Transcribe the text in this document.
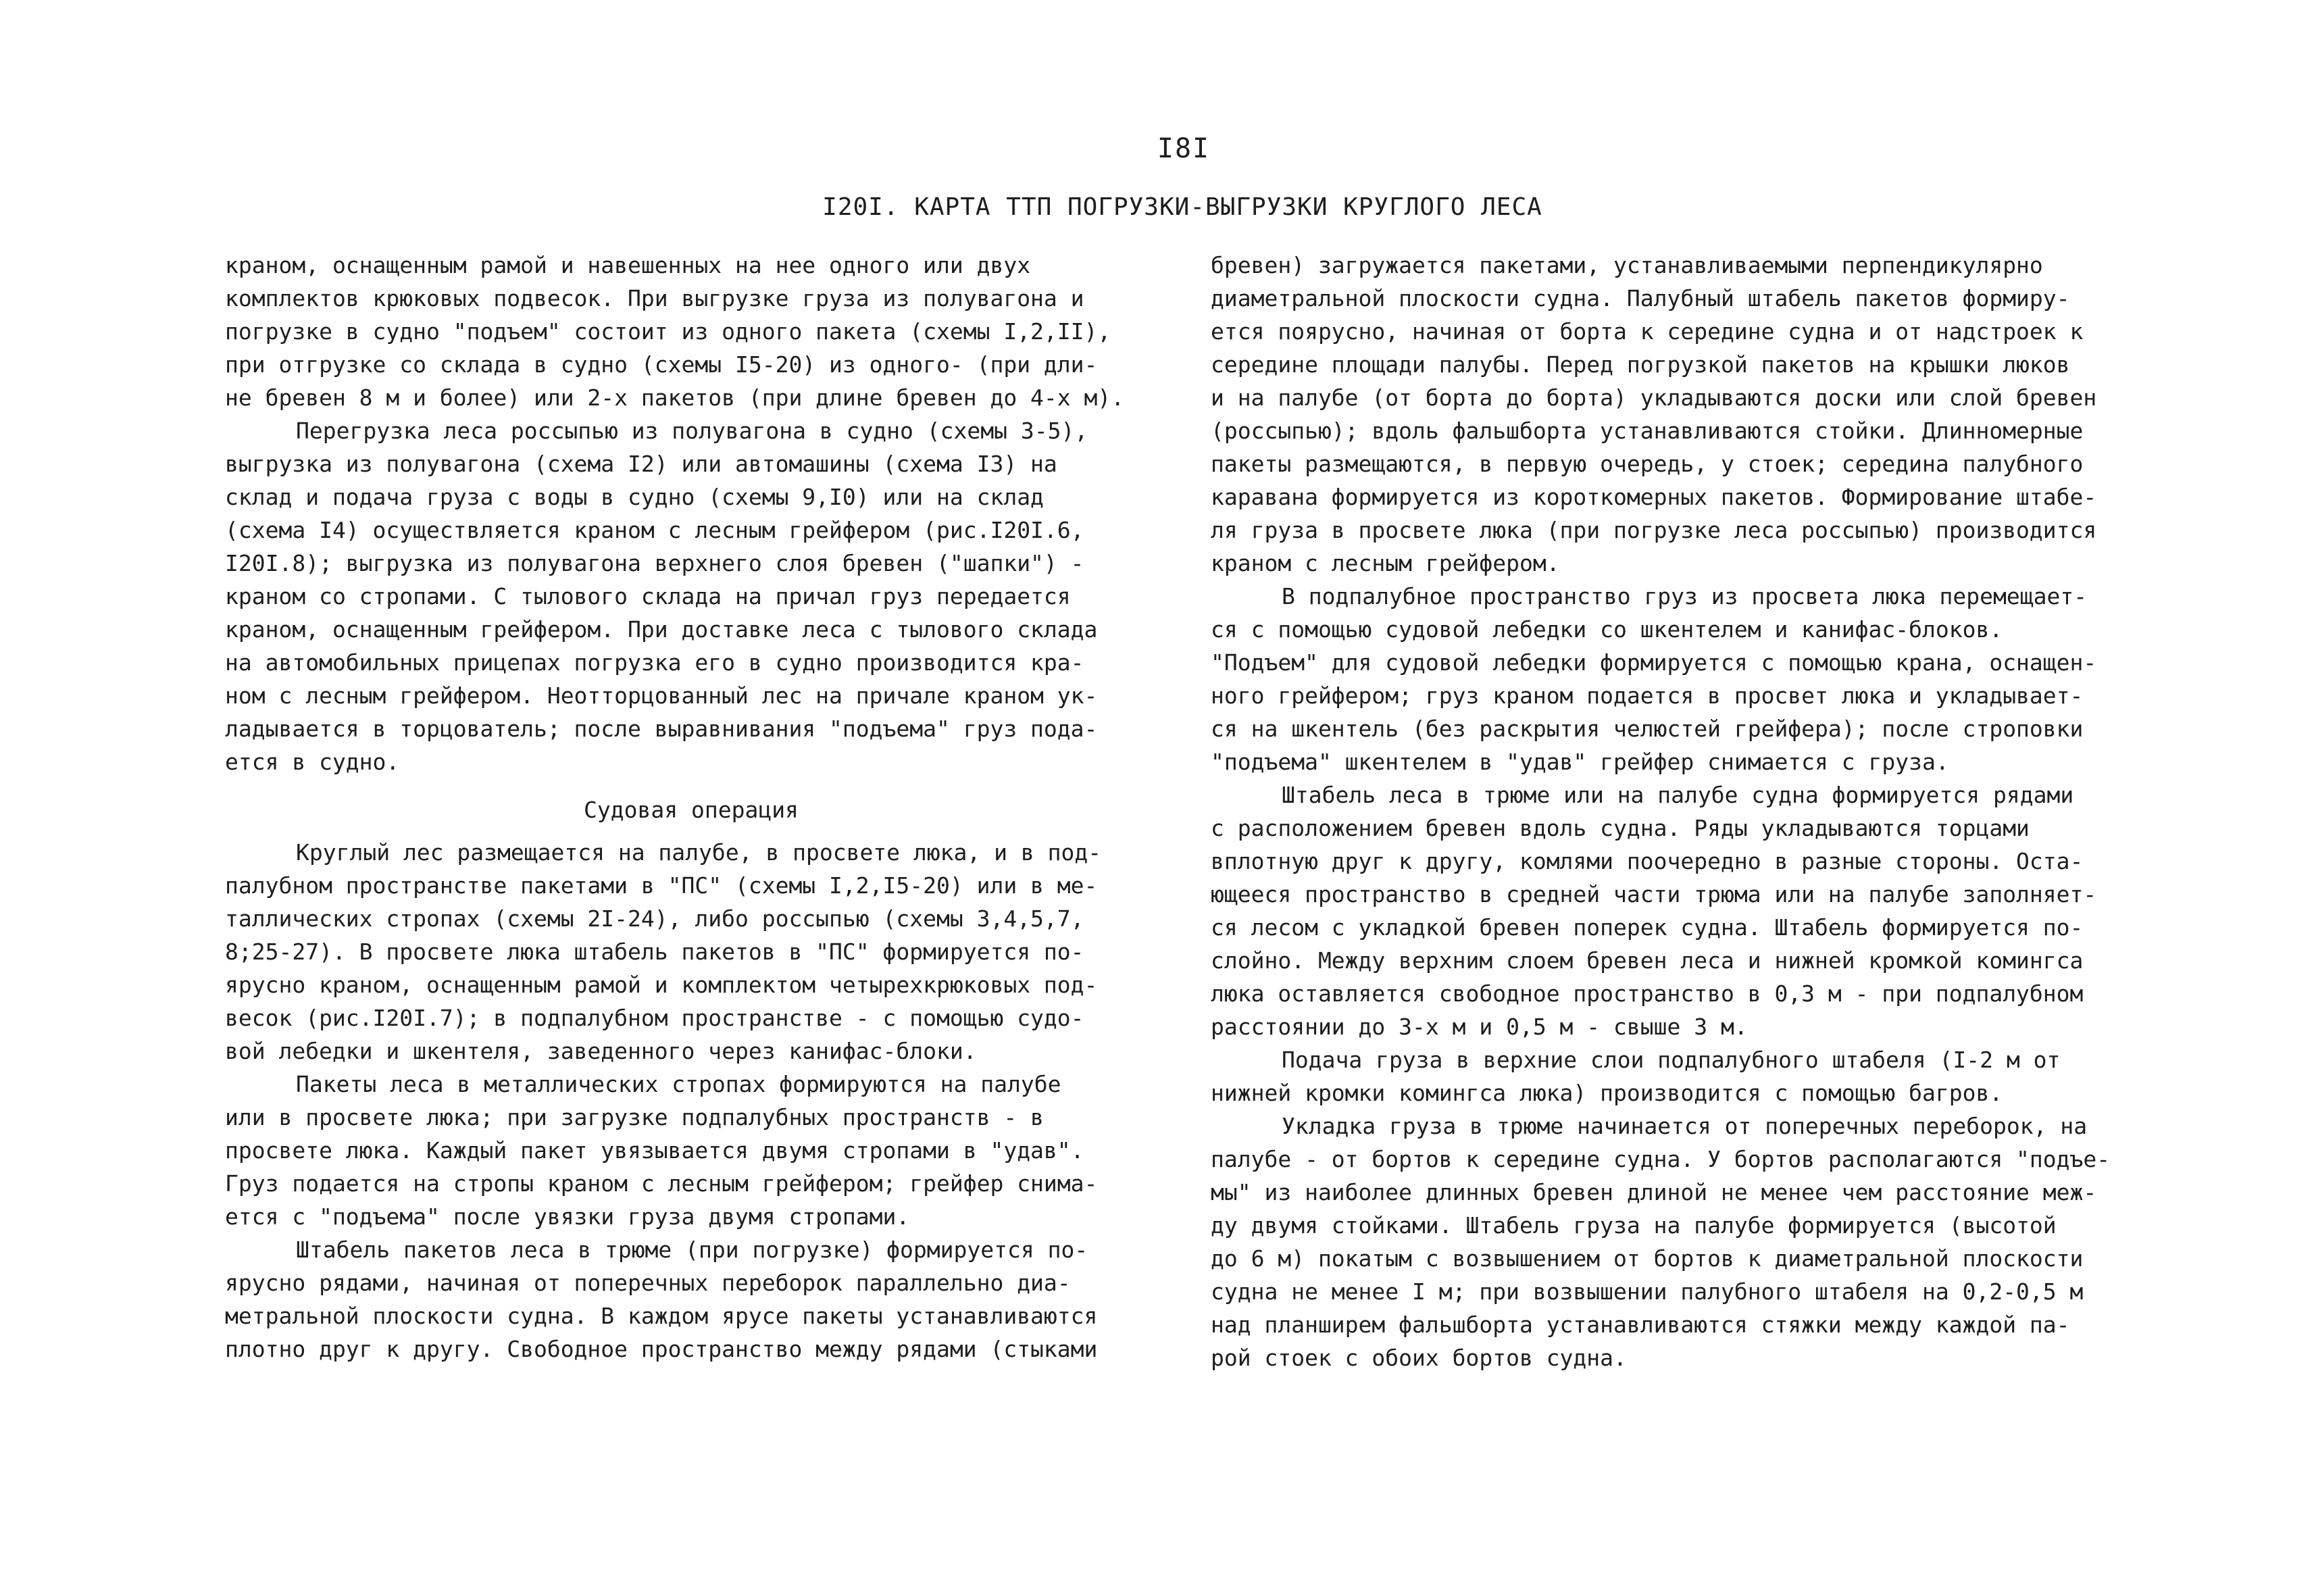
I8I
I20I. КАРТА ТТП ПОГРУЗКИ-ВЫГРУЗКИ КРУГЛОГО ЛЕСА
краном, оснащенным рамой и навешенных на нее одного или двух
комплектов крюковых подвесок. При выгрузке груза из полувагона и
погрузке в судно "подъем" состоит из одного пакета (схемы I,2,II),
при отгрузке со склада в судно (схемы I5-20) из одного- (при дли-
не бревен 8 м и более) или 2-х пакетов (при длине бревен до 4-х м).
Перегрузка леса россыпью из полувагона в судно (схемы 3-5),
выгрузка из полувагона (схема I2) или автомашины (схема I3) на
склад и подача груза с воды в судно (схемы 9,I0) или на склад
(схема I4) осуществляется краном с лесным грейфером (рис.I20I.6,
I20I.8); выгрузка из полувагона верхнего слоя бревен ("шапки") -
краном со стропами. С тылового склада на причал груз передается
краном, оснащенным грейфером. При доставке леса с тылового склада
на автомобильных прицепах погрузка его в судно производится кра-
ном с лесным грейфером. Неотторцованный лес на причале краном ук-
ладывается в торцователь; после выравнивания "подъема" груз пода-
ется в судно.
Судовая операция
Круглый лес размещается на палубе, в просвете люка, и в под-
палубном пространстве пакетами в "ПС" (схемы I,2,I5-20) или в ме-
таллических стропах (схемы 2I-24), либо россыпью (схемы 3,4,5,7,
8;25-27). В просвете люка штабель пакетов в "ПС" формируется по-
ярусно краном, оснащенным рамой и комплектом четырехкрюковых под-
весок (рис.I20I.7); в подпалубном пространстве - с помощью судо-
вой лебедки и шкентеля, заведенного через канифас-блоки.
Пакеты леса в металлических стропах формируются на палубе
или в просвете люка; при загрузке подпалубных пространств - в
просвете люка. Каждый пакет увязывается двумя стропами в "удав".
Груз подается на стропы краном с лесным грейфером; грейфер снима-
ется с "подъема" после увязки груза двумя стропами.
Штабель пакетов леса в трюме (при погрузке) формируется по-
ярусно рядами, начиная от поперечных переборок параллельно диа-
метральной плоскости судна. В каждом ярусе пакеты устанавливаются
плотно друг к другу. Свободное пространство между рядами (стыками
бревен) загружается пакетами, устанавливаемыми перпендикулярно
диаметральной плоскости судна. Палубный штабель пакетов формиру-
ется поярусно, начиная от борта к середине судна и от надстроек к
середине площади палубы. Перед погрузкой пакетов на крышки люков
и на палубе (от борта до борта) укладываются доски или слой бревен
(россыпью); вдоль фальшборта устанавливаются стойки. Длинномерные
пакеты размещаются, в первую очередь, у стоек; середина палубного
каравана формируется из короткомерных пакетов. Формирование штабе-
ля груза в просвете люка (при погрузке леса россыпью) производится
краном с лесным грейфером.
В подпалубное пространство груз из просвета люка перемещает-
ся с помощью судовой лебедки со шкентелем и канифас-блоков.
"Подъем" для судовой лебедки формируется с помощью крана, оснащен-
ного грейфером; груз краном подается в просвет люка и укладывает-
ся на шкентель (без раскрытия челюстей грейфера); после строповки
"подъема" шкентелем в "удав" грейфер снимается с груза.
Штабель леса в трюме или на палубе судна формируется рядами
с расположением бревен вдоль судна. Ряды укладываются торцами
вплотную друг к другу, комлями поочередно в разные стороны. Оста-
ющееся пространство в средней части трюма или на палубе заполняет-
ся лесом с укладкой бревен поперек судна. Штабель формируется по-
слойно. Между верхним слоем бревен леса и нижней кромкой комингса
люка оставляется свободное пространство в 0,3 м - при подпалубном
расстоянии до 3-х м и 0,5 м - свыше 3 м.
Подача груза в верхние слои подпалубного штабеля (I-2 м от
нижней кромки комингса люка) производится с помощью багров.
Укладка груза в трюме начинается от поперечных переборок, на
палубе - от бортов к середине судна. У бортов располагаются "подъе-
мы" из наиболее длинных бревен длиной не менее чем расстояние меж-
ду двумя стойками. Штабель груза на палубе формируется (высотой
до 6 м) покатым с возвышением от бортов к диаметральной плоскости
судна не менее I м; при возвышении палубного штабеля на 0,2-0,5 м
над планширем фальшборта устанавливаются стяжки между каждой па-
рой стоек с обоих бортов судна.
